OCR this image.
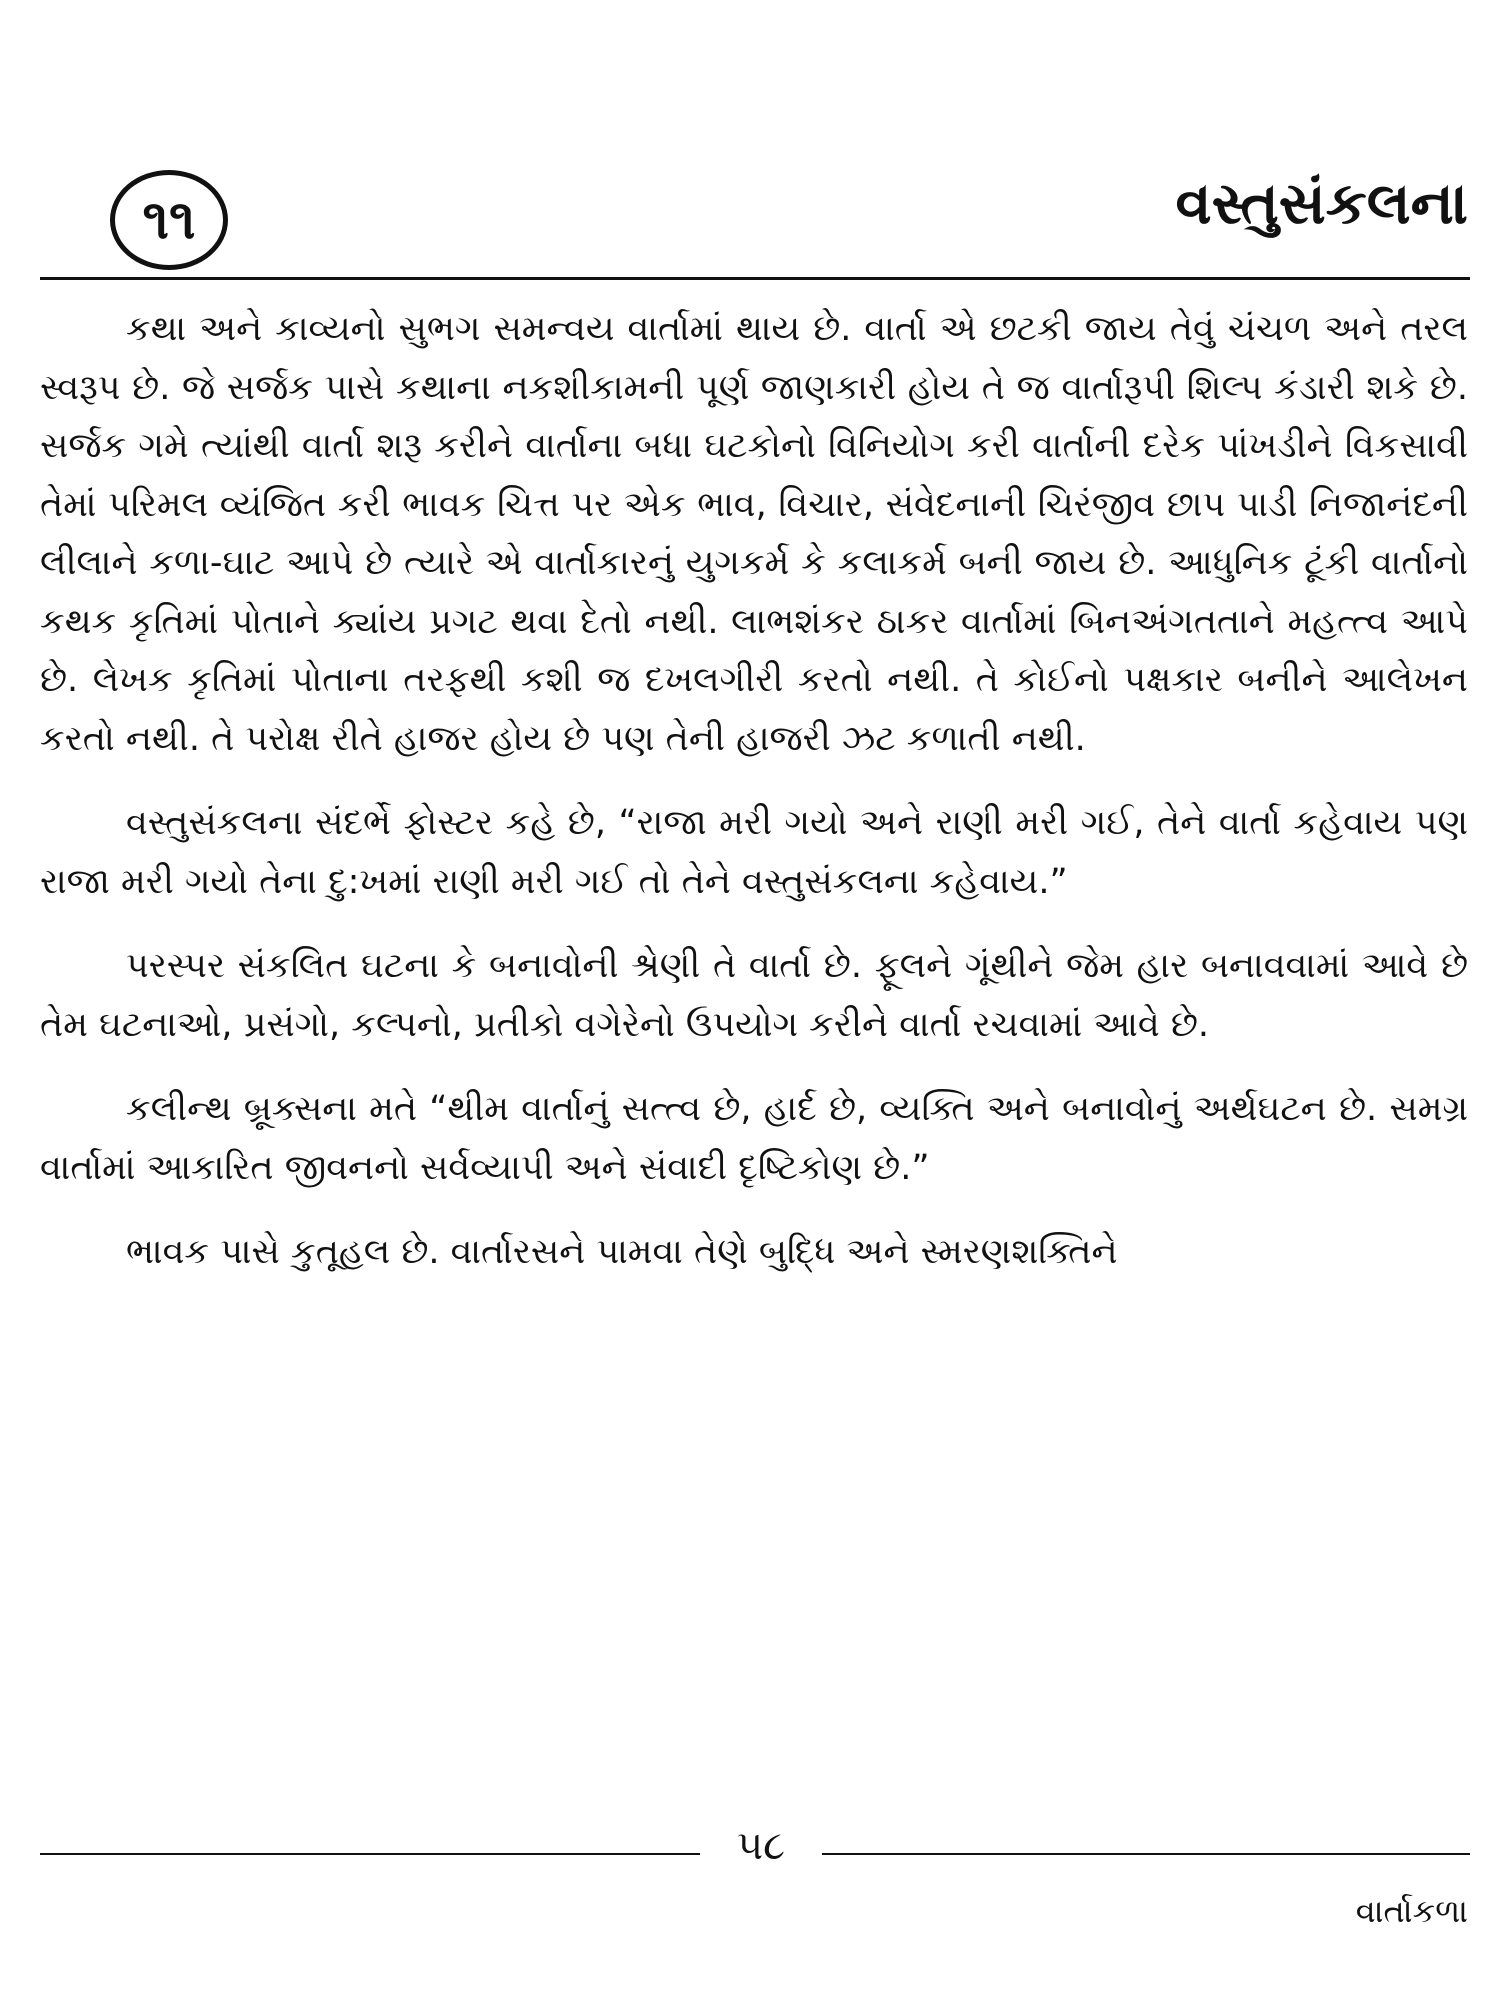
૧૧	વસ્તુસંકલના

કથા અને કાવ્યનો સુભગ સમન્વય વાર્તામાં થાય છે. વાર્તા એ છટકી જાય તેવું ચંચળ અને તરલ સ્વરૂપ છે. જે સર્જક પાસે કથાના નકશીકામની પૂર્ણ જાણકારી હોય તે જ વાર્તારૂપી શિલ્પ કંડારી શકે છે. સર્જક ગમે ત્યાંથી વાર્તા શરૂ કરીને વાર્તાના બધા ઘટકોનો વિનિયોગ કરી વાર્તાની દરેક પાંખડીને વિકસાવી તેમાં પરિમલ વ્યંજિત કરી ભાવક ચિત્ત પર એક ભાવ, વિચાર, સંવેદનાની ચિરંજીવ છાપ પાડી નિજાનંદની લીલાને કળા-ઘાટ આપે છે ત્યારે એ વાર્તાકારનું યુગકર્મ કે કલાકર્મ બની જાય છે. આધુનિક ટૂંકી વાર્તાનો કથક કૃતિમાં પોતાને ક્યાંય પ્રગટ થવા દેતો નથી. લાભશંકર ઠાકર વાર્તામાં બિનઅંગતતાને મહત્ત્વ આપે છે. લેખક કૃતિમાં પોતાના તરફથી કશી જ દખલગીરી કરતો નથી. તે કોઈનો પક્ષકાર બનીને આલેખન કરતો નથી. તે પરોક્ષ રીતે હાજર હોય છે પણ તેની હાજરી ઝટ કળાતી નથી.

વસ્તુસંકલના સંદર્ભે ફોસ્ટર કહે છે, “રાજા મરી ગયો અને રાણી મરી ગઈ, તેને વાર્તા કહેવાય પણ રાજા મરી ગયો તેના દુ:ખમાં રાણી મરી ગઈ તો તેને વસ્તુસંકલના કહેવાય.”

પરસ્પર સંકલિત ઘટના કે બનાવોની શ્રેણી તે વાર્તા છે. ફૂલને ગૂંથીને જેમ હાર બનાવવામાં આવે છે તેમ ઘટનાઓ, પ્રસંગો, કલ્પનો, પ્રતીકો વગેરેનો ઉપયોગ કરીને વાર્તા રચવામાં આવે છે.

કલીન્થ બ્રૂક્સના મતે “થીમ વાર્તાનું સત્ત્વ છે, હાર્દ છે, વ્યક્તિ અને બનાવોનું અર્થઘટન છે. સમગ્ર વાર્તામાં આકારિત જીવનનો સર્વવ્યાપી અને સંવાદી દૃષ્ટિકોણ છે.”

ભાવક પાસે કુતૂહલ છે. વાર્તારસને પામવા તેણે બુદ્ધિ અને સ્મરણશક્તિને

૫૮
વાર્તાકળા
